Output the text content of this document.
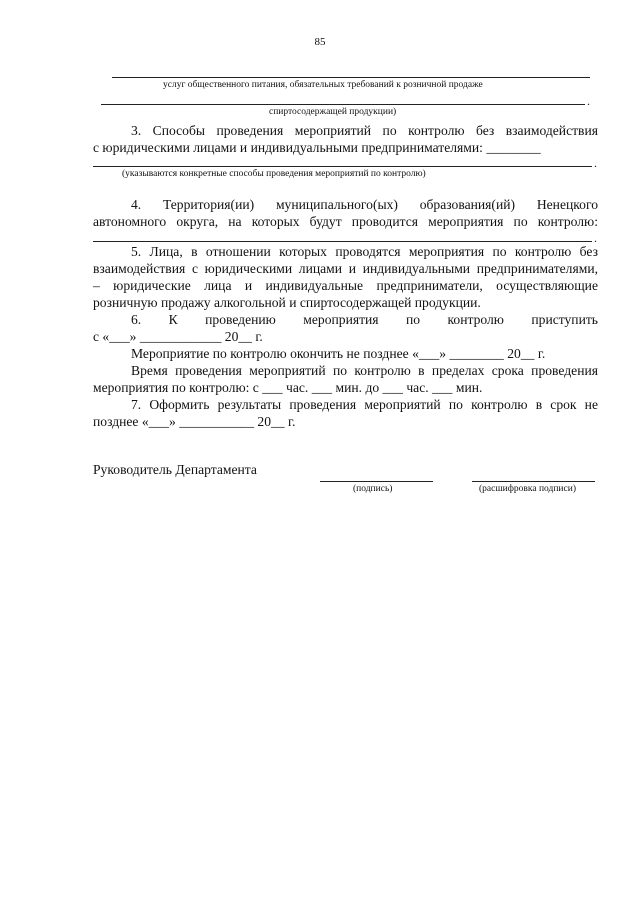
85
услуг общественного питания, обязательных требований к розничной продаже
.
спиртосодержащей продукции)
3. Способы проведения мероприятий по контролю без взаимодействия
с юридическими лицами и индивидуальными предпринимателями: ________
.
(указываются конкретные способы проведения мероприятий по контролю)
4. Территория(ии) муниципального(ых) образования(ий) Ненецкого
автономного округа, на которых будут проводится мероприятия по контролю:
.
5. Лица, в отношении которых проводятся мероприятия по контролю без
взаимодействия с юридическими лицами и индивидуальными предпринимателями,
– юридические лица и индивидуальные предприниматели, осуществляющие
розничную продажу алкогольной и спиртосодержащей продукции.
6. К проведению мероприятия по контролю приступить
с «___» ____________ 20__ г.
Мероприятие по контролю окончить не позднее «___» ________ 20__ г.
Время проведения мероприятий по контролю в пределах срока проведения
мероприятия по контролю: с ___ час. ___ мин. до ___ час. ___ мин.
7. Оформить результаты проведения мероприятий по контролю в срок не
позднее «___» ___________ 20__ г.
Руководитель Департамента
(подпись)	(расшифровка подписи)
